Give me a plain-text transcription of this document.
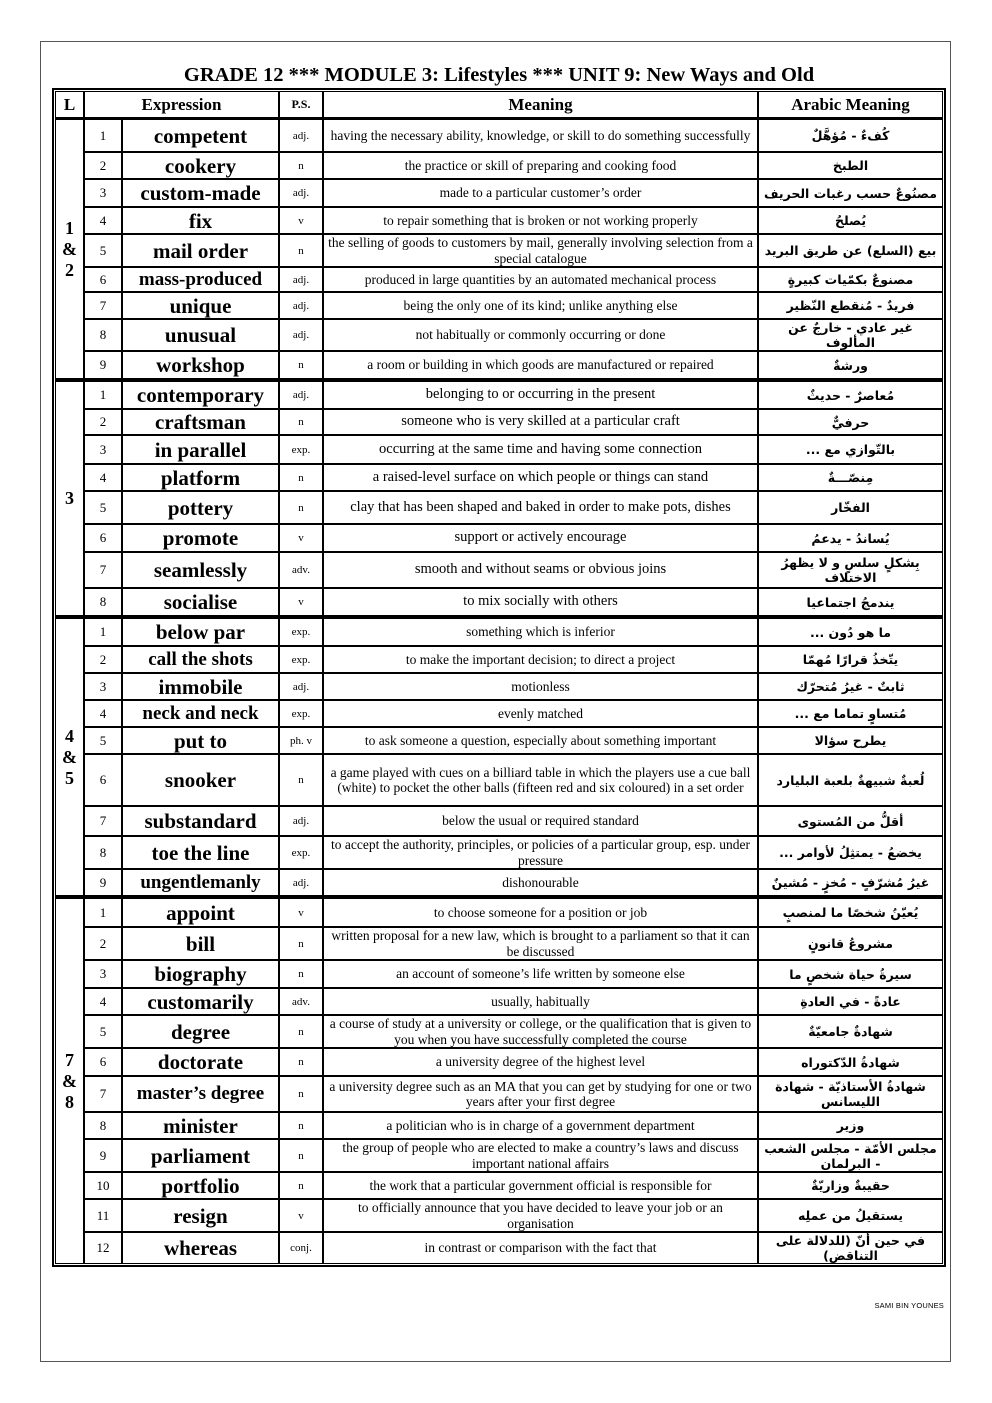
GRADE 12 *** MODULE 3: Lifestyles *** UNIT 9: New Ways and Old
L	Expression		P.S.	Meaning	Arabic Meaning
1
&
2	1	competent	adj.	having the necessary ability, knowledge, or skill to do something successfully	كُفءٌ - مُؤهَّلٌ
	2	cookery	n	the practice or skill of preparing and cooking food	الطبخ
	3	custom-made	adj.	made to a particular customer’s order	مصنُوعٌ حسب رغبات الحريف
	4	fix	v	to repair something that is broken or not working properly	يُصلحُ
	5	mail order	n	the selling of goods to customers by mail, generally involving selection from a special catalogue	بيع (السلع) عن طريق البريد
	6	mass-produced	adj.	produced in large quantities by an automated mechanical process	مصنوعٌ بكمّيات كبيرةٍ
	7	unique	adj.	being the only one of its kind; unlike anything else	فريدٌ - مُنقطع النّظير
	8	unusual	adj.	not habitually or commonly occurring or done	غير عادي - خارجٌ عن المألوف
	9	workshop	n	a room or building in which goods are manufactured or repaired	ورشةٌ
3	1	contemporary	adj.	belonging to or occurring in the present	مُعاصرٌ - حديثٌ
	2	craftsman	n	someone who is very skilled at a particular craft	حرفيٌّ
	3	in parallel	exp.	occurring at the same time and having some connection	بالتّوازي مع ...
	4	platform	n	a raised-level surface on which people or things can stand	مِنصّـــةٌ
	5	pottery	n	clay that has been shaped and baked in order to make pots, dishes	الفخّار
	6	promote	v	support or actively encourage	يُساندُ - يدعمُ
	7	seamlessly	adv.	smooth and without seams or obvious joins	بِشكلٍ سلسٍ و لا يظهرُ الاختلاف
	8	socialise	v	to mix socially with others	يندمجُ اجتماعيا
4
&
5	1	below par	exp.	something which is inferior	ما هو دُون ...
	2	call the shots	exp.	to make the important decision; to direct a project	يتّخذُ قرارًا مُهمّا
	3	immobile	adj.	motionless	ثابتٌ - غيرُ مُتحرّك
	4	neck and neck	exp.	evenly matched	مُتساوٍ تماما مع ...
	5	put to	ph. v	to ask someone a question, especially about something important	يطرح سؤالا
	6	snooker	n	a game played with cues on a billiard table in which the players use a cue ball (white) to pocket the other balls (fifteen red and six coloured) in a set order	لُعبةٌ شبيهةٌ بلعبة البليارد
	7	substandard	adj.	below the usual or required standard	أقلُّ من المُستوى
	8	toe the line	exp.	to accept the authority, principles, or policies of a particular group, esp. under pressure	يخضعُ - يمتثِلُ لأوامر ...
	9	ungentlemanly	adj.	dishonourable	غيرُ مُشرّفٍ - مُخزٍ - مُشينٌ
7
&
8	1	appoint	v	to choose someone for a position or job	يُعيّنُ شخصًا ما لمنصبٍ
	2	bill	n	written proposal for a new law, which is brought to a parliament so that it can be discussed	مشروعُ قانونٍ
	3	biography	n	an account of someone’s life written by someone else	سيرةُ حياة شخصٍ ما
	4	customarily	adv.	usually, habitually	عادةً - في العادةِ
	5	degree	n	a course of study at a university or college, or the qualification that is given to you when you have successfully completed the course	شهادةٌ جامعيّةٌ
	6	doctorate	n	a university degree of the highest level	شهادةُ الدّكتوراه
	7	master’s degree	n	a university degree such as an MA that you can get by studying for one or two years after your first degree	شهادةُ الأستاذيّة - شهادة الليسانس
	8	minister	n	a politician who is in charge of a government department	وزير
	9	parliament	n	the group of people who are elected to make a country’s laws and discuss important national affairs	مجلس الأمّة - مجلس الشعب - البرلمان
	10	portfolio	n	the work that a particular government official is responsible for	حقيبةٌ وزاريّةٌ
	11	resign	v	to officially announce that you have decided to leave your job or an organisation	يستقيلُ من عملِه
	12	whereas	conj.	in contrast or comparison with the fact that	في حين أنّ (للدلالة على التناقض)
SAMI BIN YOUNES
